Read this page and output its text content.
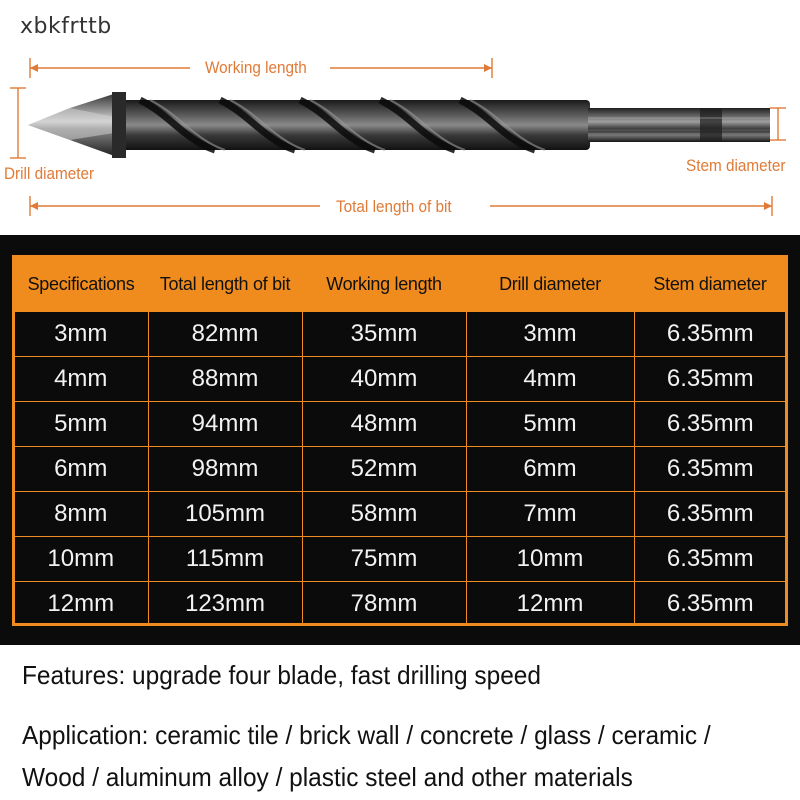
xbkfrttb
Working length
Drill diameter	Stem diameter
Total length of bit
Specifications	Total length of bit	Working length	Drill diameter	Stem diameter
3mm	82mm	35mm	3mm	6.35mm
4mm	88mm	40mm	4mm	6.35mm
5mm	94mm	48mm	5mm	6.35mm
6mm	98mm	52mm	6mm	6.35mm
8mm	105mm	58mm	7mm	6.35mm
10mm	115mm	75mm	10mm	6.35mm
12mm	123mm	78mm	12mm	6.35mm
Features: upgrade four blade, fast drilling speed
Application: ceramic tile / brick wall / concrete / glass / ceramic /
Wood / aluminum alloy / plastic steel and other materials
